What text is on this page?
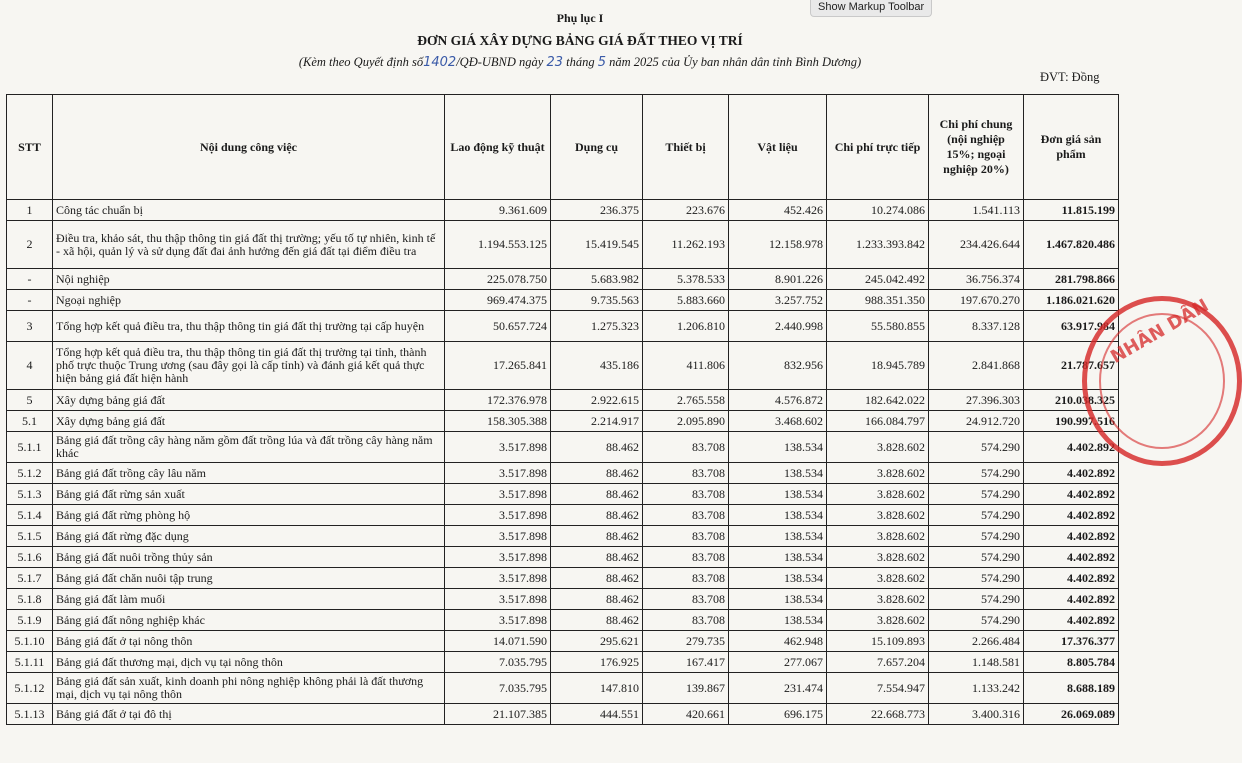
Show Markup Toolbar
Phụ lục I
ĐƠN GIÁ XÂY DỰNG BẢNG GIÁ ĐẤT THEO VỊ TRÍ
(Kèm theo Quyết định số1402/QĐ-UBND ngày 23 tháng 5 năm 2025 của Ủy ban nhân dân tỉnh Bình Dương)
ĐVT: Đồng
STT	Nội dung công việc	Lao động kỹ thuật	Dụng cụ	Thiết bị	Vật liệu	Chi phí trực tiếp	Chi phí chung (nội nghiệp 15%; ngoại nghiệp 20%)	Đơn giá sản phẩm
1	Công tác chuẩn bị	9.361.609	236.375	223.676	452.426	10.274.086	1.541.113	11.815.199
2	Điều tra, khảo sát, thu thập thông tin giá đất thị trường; yếu tố tự nhiên, kinh tế - xã hội, quản lý và sử dụng đất đai ảnh hưởng đến giá đất tại điểm điều tra	1.194.553.125	15.419.545	11.262.193	12.158.978	1.233.393.842	234.426.644	1.467.820.486
-	Nội nghiệp	225.078.750	5.683.982	5.378.533	8.901.226	245.042.492	36.756.374	281.798.866
-	Ngoại nghiệp	969.474.375	9.735.563	5.883.660	3.257.752	988.351.350	197.670.270	1.186.021.620
3	Tổng hợp kết quả điều tra, thu thập thông tin giá đất thị trường tại cấp huyện	50.657.724	1.275.323	1.206.810	2.440.998	55.580.855	8.337.128	63.917.984
4	Tổng hợp kết quả điều tra, thu thập thông tin giá đất thị trường tại tỉnh, thành phố trực thuộc Trung ương (sau đây gọi là cấp tỉnh) và đánh giá kết quả thực hiện bảng giá đất hiện hành	17.265.841	435.186	411.806	832.956	18.945.789	2.841.868	21.787.657
5	Xây dựng bảng giá đất	172.376.978	2.922.615	2.765.558	4.576.872	182.642.022	27.396.303	210.038.325
5.1	Xây dựng bảng giá đất	158.305.388	2.214.917	2.095.890	3.468.602	166.084.797	24.912.720	190.997.516
5.1.1	Bảng giá đất trồng cây hàng năm gồm đất trồng lúa và đất trồng cây hàng năm khác	3.517.898	88.462	83.708	138.534	3.828.602	574.290	4.402.892
5.1.2	Bảng giá đất trồng cây lâu năm	3.517.898	88.462	83.708	138.534	3.828.602	574.290	4.402.892
5.1.3	Bảng giá đất rừng sản xuất	3.517.898	88.462	83.708	138.534	3.828.602	574.290	4.402.892
5.1.4	Bảng giá đất rừng phòng hộ	3.517.898	88.462	83.708	138.534	3.828.602	574.290	4.402.892
5.1.5	Bảng giá đất rừng đặc dụng	3.517.898	88.462	83.708	138.534	3.828.602	574.290	4.402.892
5.1.6	Bảng giá đất nuôi trồng thủy sản	3.517.898	88.462	83.708	138.534	3.828.602	574.290	4.402.892
5.1.7	Bảng giá đất chăn nuôi tập trung	3.517.898	88.462	83.708	138.534	3.828.602	574.290	4.402.892
5.1.8	Bảng giá đất làm muối	3.517.898	88.462	83.708	138.534	3.828.602	574.290	4.402.892
5.1.9	Bảng giá đất nông nghiệp khác	3.517.898	88.462	83.708	138.534	3.828.602	574.290	4.402.892
5.1.10	Bảng giá đất ở tại nông thôn	14.071.590	295.621	279.735	462.948	15.109.893	2.266.484	17.376.377
5.1.11	Bảng giá đất thương mại, dịch vụ tại nông thôn	7.035.795	176.925	167.417	277.067	7.657.204	1.148.581	8.805.784
5.1.12	Bảng giá đất sản xuất, kinh doanh phi nông nghiệp không phải là đất thương mại, dịch vụ tại nông thôn	7.035.795	147.810	139.867	231.474	7.554.947	1.133.242	8.688.189
5.1.13	Bảng giá đất ở tại đô thị	21.107.385	444.551	420.661	696.175	22.668.773	3.400.316	26.069.089
NHÂN DÂN
